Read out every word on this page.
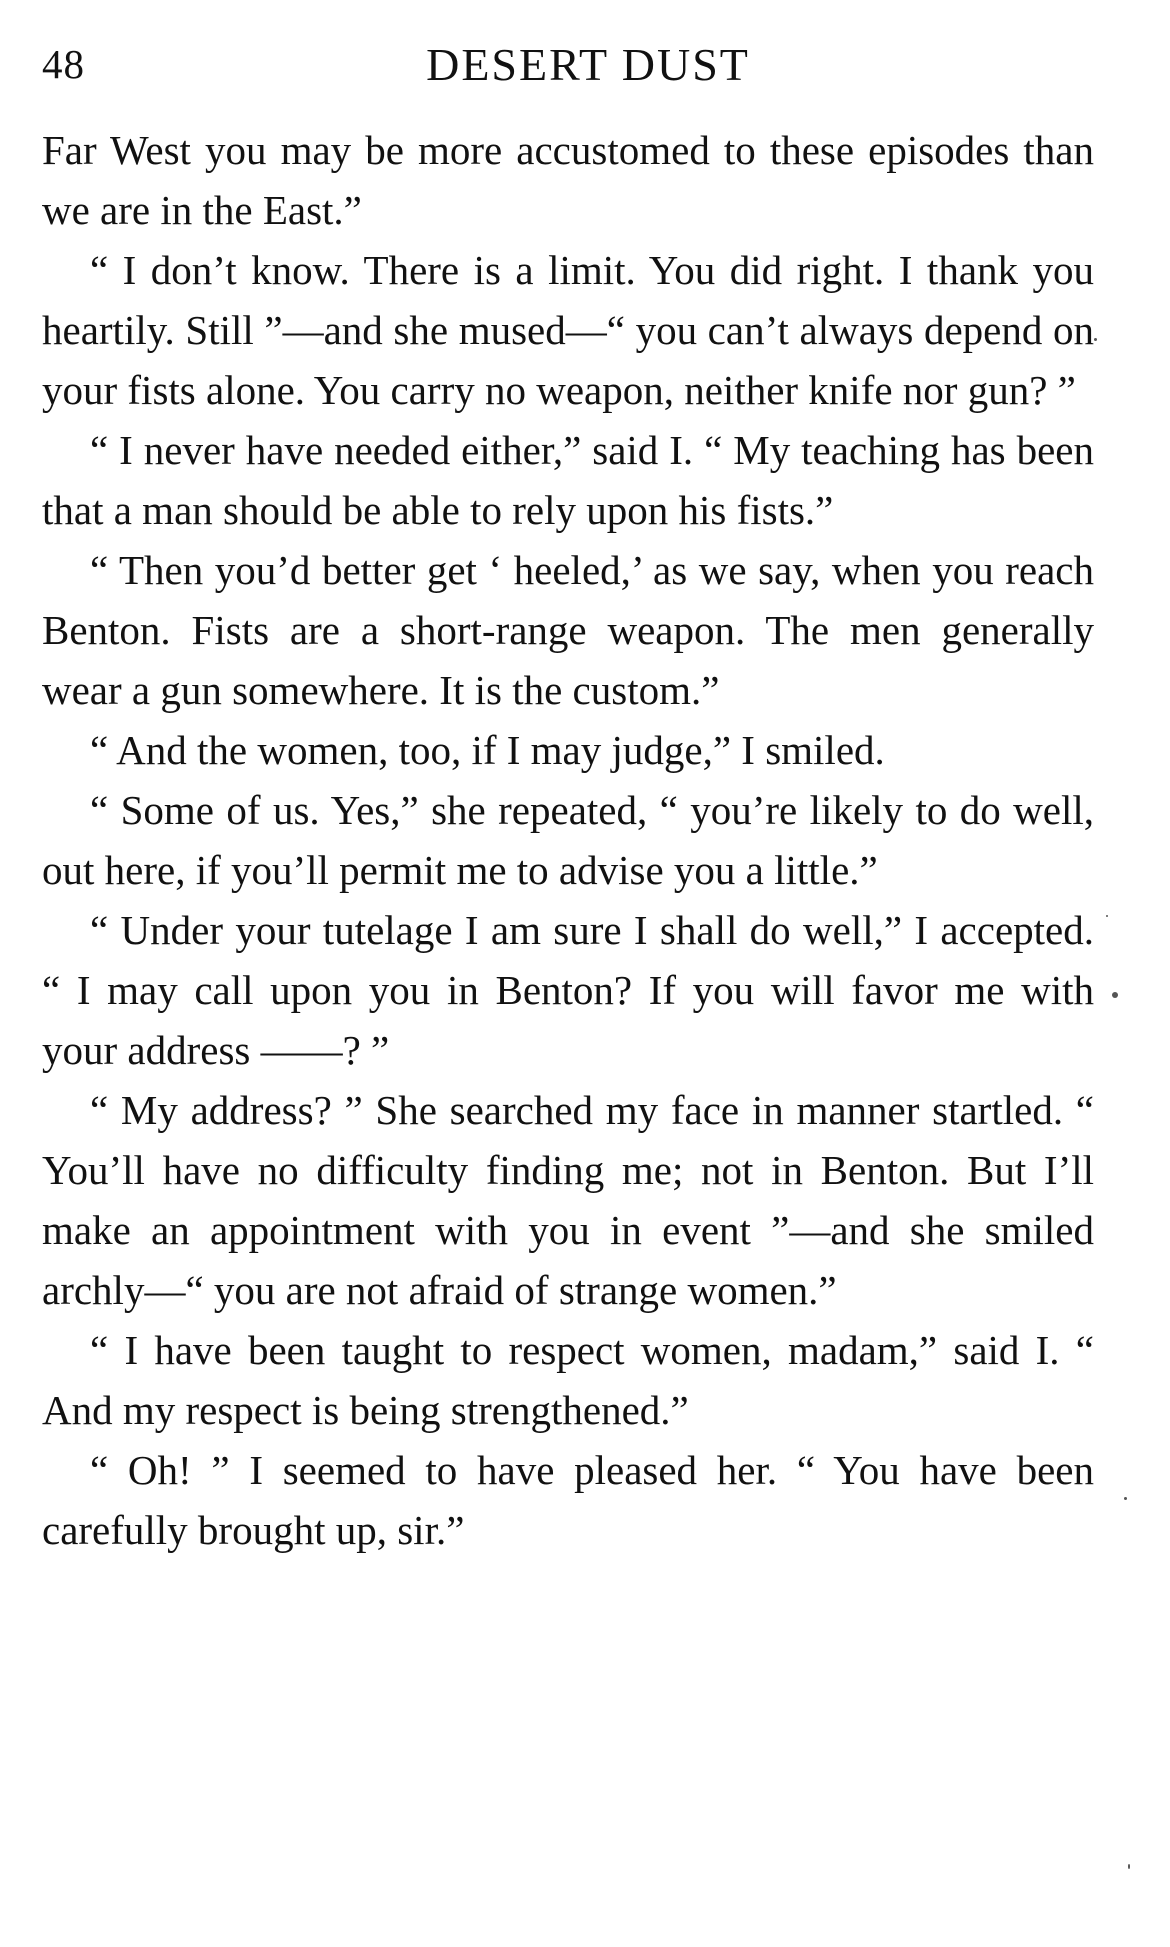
48	DESERT DUST

Far West you may be more accustomed to these episodes than we are in the East.”

“ I don’t know. There is a limit. You did right. I thank you heartily. Still ”—and she mused—“ you can’t always depend on your fists alone. You carry no weapon, neither knife nor gun? ”

“ I never have needed either,” said I. “ My teaching has been that a man should be able to rely upon his fists.”

“ Then you’d better get ‘ heeled,’ as we say, when you reach Benton. Fists are a short-range weapon. The men generally wear a gun somewhere. It is the custom.”

“ And the women, too, if I may judge,” I smiled.

“ Some of us. Yes,” she repeated, “ you’re likely to do well, out here, if you’ll permit me to advise you a little.”

“ Under your tutelage I am sure I shall do well,” I accepted. “ I may call upon you in Benton? If you will favor me with your address ——? ”

“ My address? ” She searched my face in manner startled. “ You’ll have no difficulty finding me; not in Benton. But I’ll make an appointment with you in event ”—and she smiled archly—“ you are not afraid of strange women.”

“ I have been taught to respect women, madam,” said I. “ And my respect is being strengthened.”

“ Oh! ” I seemed to have pleased her. “ You have been carefully brought up, sir.”
